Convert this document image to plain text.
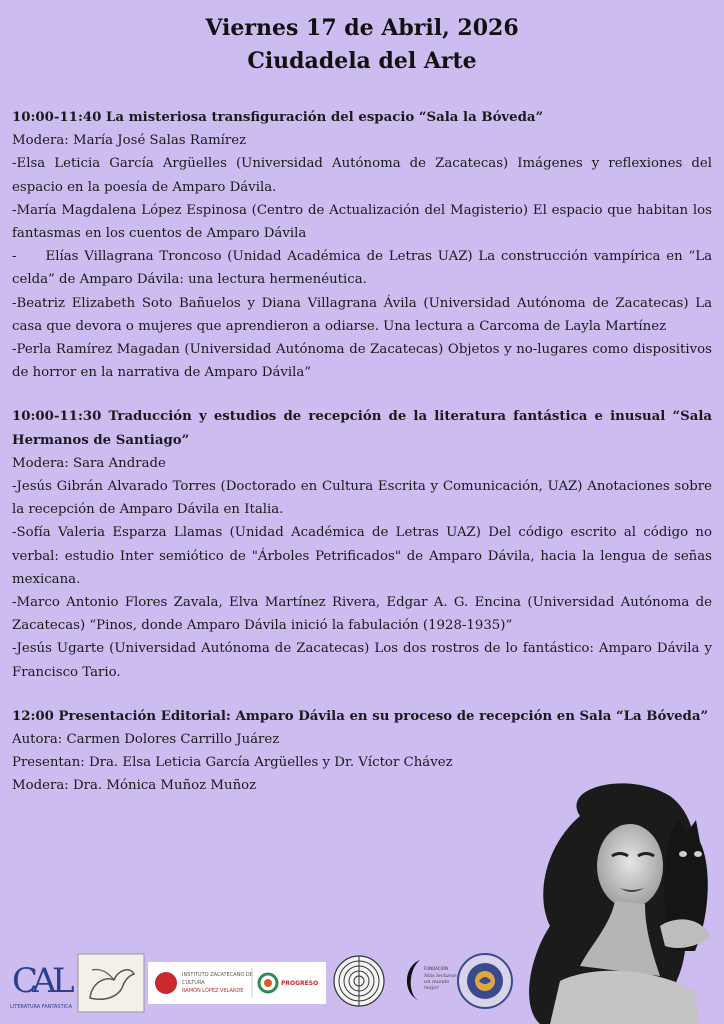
Viernes 17 de Abril, 2026
Ciudadela del Arte

10:00-11:40 La misteriosa transfiguración del espacio “Sala la Bóveda”

Modera: María José Salas Ramírez

-Elsa Leticia García Argüelles (Universidad Autónoma de Zacatecas) Imágenes y reflexiones del espacio en la poesía de Amparo Dávila.

-María Magdalena López Espinosa (Centro de Actualización del Magisterio) El espacio que habitan los fantasmas en los cuentos de Amparo Dávila

-     Elías Villagrana Troncoso (Unidad Académica de Letras UAZ) La construcción vampírica en “La celda” de Amparo Dávila: una lectura hermenéutica.

-Beatriz Elizabeth Soto Bañuelos y Diana Villagrana Ávila (Universidad Autónoma de Zacatecas) La casa que devora o mujeres que aprendieron a odiarse. Una lectura a Carcoma de Layla Martínez

-Perla Ramírez Magadan (Universidad Autónoma de Zacatecas) Objetos y no-lugares como dispositivos de horror en la narrativa de Amparo Dávila”

10:00-11:30 Traducción y estudios de recepción de la literatura fantástica e inusual “Sala Hermanos de Santiago”

Modera: Sara Andrade

-Jesús Gibrán Alvarado Torres (Doctorado en Cultura Escrita y Comunicación, UAZ) Anotaciones sobre la recepción de Amparo Dávila en Italia.

-Sofía Valeria Esparza Llamas (Unidad Académica de Letras UAZ) Del código escrito al código no verbal: estudio Inter semiótico de "Árboles Petrificados" de Amparo Dávila, hacia la lengua de señas mexicana.

-Marco Antonio Flores Zavala, Elva Martínez Rivera, Edgar A. G. Encina (Universidad Autónoma de Zacatecas) “Pinos, donde Amparo Dávila inició la fabulación (1928-1935)”

-Jesús Ugarte (Universidad Autónoma de Zacatecas) Los dos rostros de lo fantástico: Amparo Dávila y Francisco Tario.

12:00 Presentación Editorial: Amparo Dávila en su proceso de recepción en Sala “La Bóveda”

Autora: Carmen Dolores Carrillo Juárez

Presentan: Dra. Elsa Leticia García Argüelles y Dr. Víctor Chávez

Modera: Dra. Mónica Muñoz Muñoz

C
A
L
LITERATURA FANTÁSTICA
INSTITUTO ZACATECANO DE
CULTURA
RAMÓN LÓPEZ VELARDE
PROGRESO
FUNDACIÓN
Más lecturas,
un mundo
mejor
